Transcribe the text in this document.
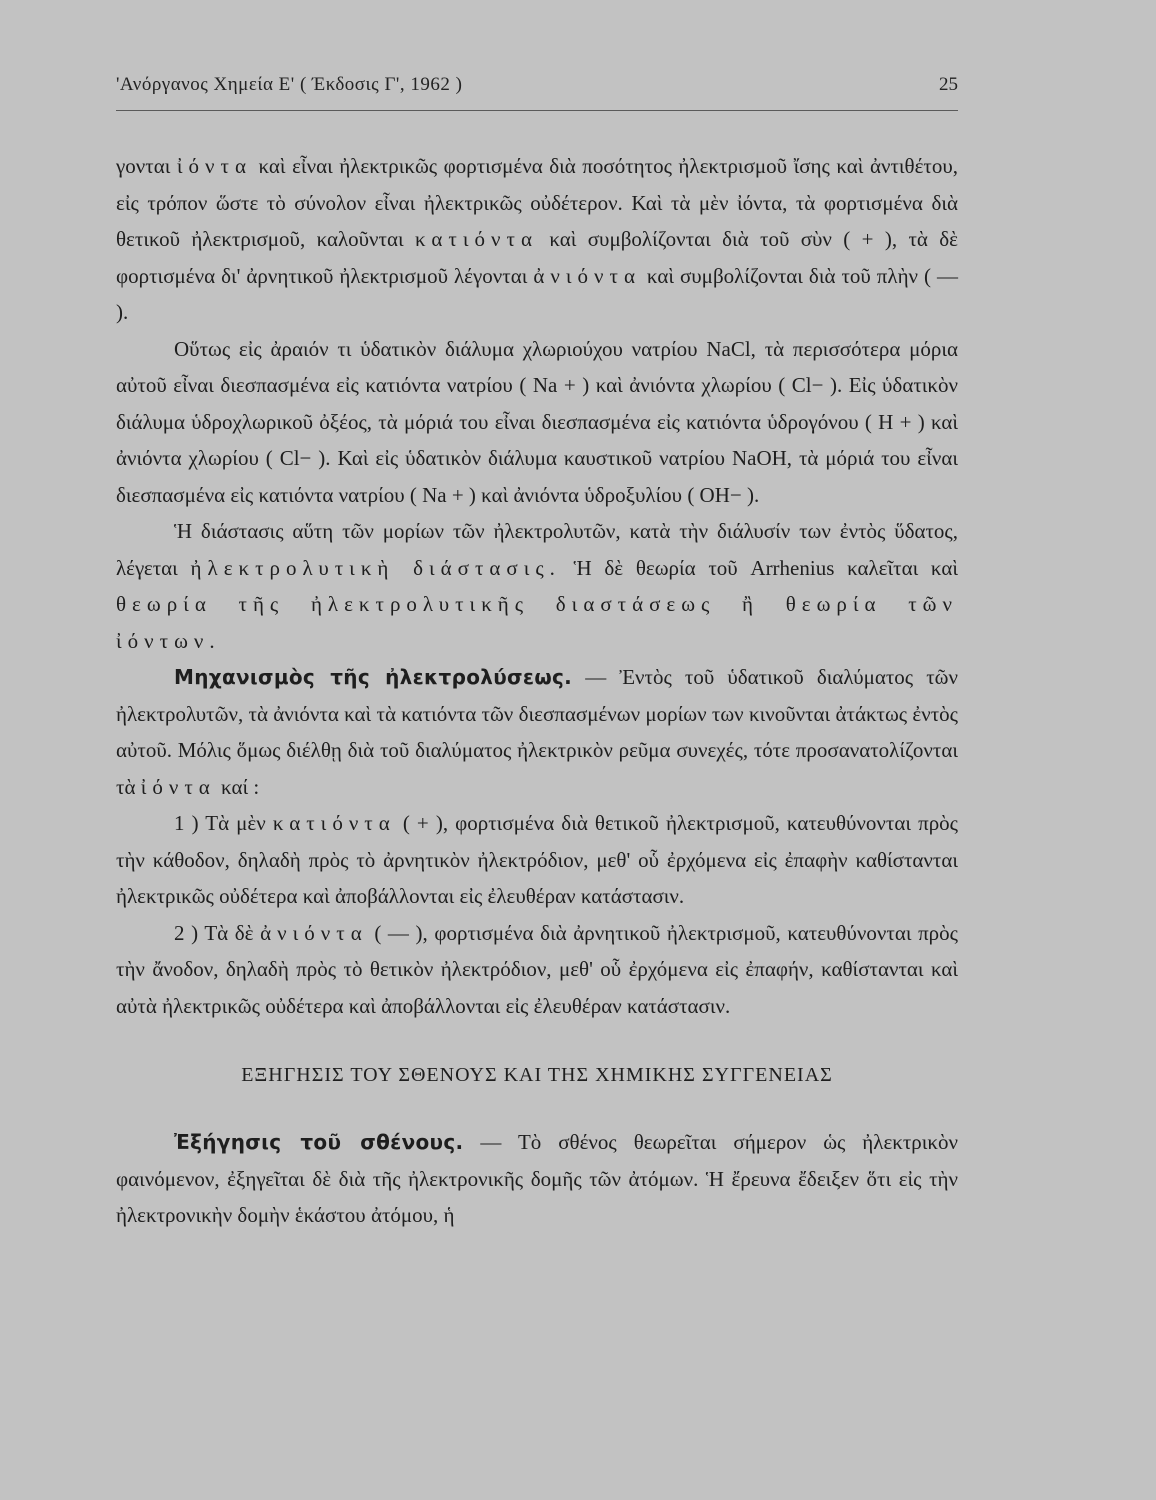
'Ανόργανος Χημεία Ε' ( Έκδοσις Γ', 1962 )	25

γονται ἰόντα καὶ εἶναι ἠλεκτρικῶς φορτισμένα διὰ ποσότητος ἠλεκτρισμοῦ ἴσης καὶ ἀντιθέτου, εἰς τρόπον ὥστε τὸ σύνολον εἶναι ἠλεκτρικῶς οὐδέτερον. Καὶ τὰ μὲν ἰόντα, τὰ φορτισμένα διὰ θετικοῦ ἠλεκτρισμοῦ, καλοῦνται κατιόντα καὶ συμβολίζονται διὰ τοῦ σὺν ( + ), τὰ δὲ φορτισμένα δι' ἀρνητικοῦ ἠλεκτρισμοῦ λέγονται ἀνιόντα καὶ συμβολίζονται διὰ τοῦ πλὴν ( — ).

Οὕτως εἰς ἀραιόν τι ὑδατικὸν διάλυμα χλωριούχου νατρίου NaCl, τὰ περισσότερα μόρια αὐτοῦ εἶναι διεσπασμένα εἰς κατιόντα νατρίου ( Na + ) καὶ ἀνιόντα χλωρίου ( Cl− ). Εἰς ὑδατικὸν διάλυμα ὑδροχλωρικοῦ ὀξέος, τὰ μόριά του εἶναι διεσπασμένα εἰς κατιόντα ὑδρογόνου ( H + ) καὶ ἀνιόντα χλωρίου ( Cl− ). Καὶ εἰς ὑδατικὸν διάλυμα καυστικοῦ νατρίου NaOH, τὰ μόριά του εἶναι διεσπασμένα εἰς κατιόντα νατρίου ( Na + ) καὶ ἀνιόντα ὑδροξυλίου ( OH− ).

Ἡ διάστασις αὕτη τῶν μορίων τῶν ἠλεκτρολυτῶν, κατὰ τὴν διάλυσίν των ἐντὸς ὕδατος, λέγεται ἠλεκτρολυτικὴ διάστασις. Ἡ δὲ θεωρία τοῦ Arrhenius καλεῖται καὶ θεωρία τῆς ἠλεκτρολυτικῆς διαστάσεως ἢ θεωρία τῶν ἰόντων.

Μηχανισμὸς τῆς ἠλεκτρολύσεως. — Ἐντὸς τοῦ ὑδατικοῦ διαλύματος τῶν ἠλεκτρολυτῶν, τὰ ἀνιόντα καὶ τὰ κατιόντα τῶν διεσπασμένων μορίων των κινοῦνται ἀτάκτως ἐντὸς αὐτοῦ. Μόλις ὅμως διέλθῃ διὰ τοῦ διαλύματος ἠλεκτρικὸν ρεῦμα συνεχές, τότε προσανατολίζονται τὰ ἰόντα καί :

1 ) Τὰ μὲν κατιόντα ( + ), φορτισμένα διὰ θετικοῦ ἠλεκτρισμοῦ, κατευθύνονται πρὸς τὴν κάθοδον, δηλαδὴ πρὸς τὸ ἀρνητικὸν ἠλεκτρόδιον, μεθ' οὗ ἐρχόμενα εἰς ἐπαφὴν καθίστανται ἠλεκτρικῶς οὐδέτερα καὶ ἀποβάλλονται εἰς ἐλευθέραν κατάστασιν.

2 ) Τὰ δὲ ἀνιόντα ( — ), φορτισμένα διὰ ἀρνητικοῦ ἠλεκτρισμοῦ, κατευθύνονται πρὸς τὴν ἄνοδον, δηλαδὴ πρὸς τὸ θετικὸν ἠλεκτρόδιον, μεθ' οὗ ἐρχόμενα εἰς ἐπαφήν, καθίστανται καὶ αὐτὰ ἠλεκτρικῶς οὐδέτερα καὶ ἀποβάλλονται εἰς ἐλευθέραν κατάστασιν.

ΕΞΗΓΗΣΙΣ ΤΟΥ ΣΘΕΝΟΥΣ ΚΑΙ ΤΗΣ ΧΗΜΙΚΗΣ ΣΥΓΓΕΝΕΙΑΣ

Ἐξήγησις τοῦ σθένους. — Τὸ σθένος θεωρεῖται σήμερον ὡς ἠλεκτρικὸν φαινόμενον, ἐξηγεῖται δὲ διὰ τῆς ἠλεκτρονικῆς δομῆς τῶν ἀτόμων. Ἡ ἔρευνα ἔδειξεν ὅτι εἰς τὴν ἠλεκτρονικὴν δομὴν ἑκάστου ἀτόμου, ἡ
